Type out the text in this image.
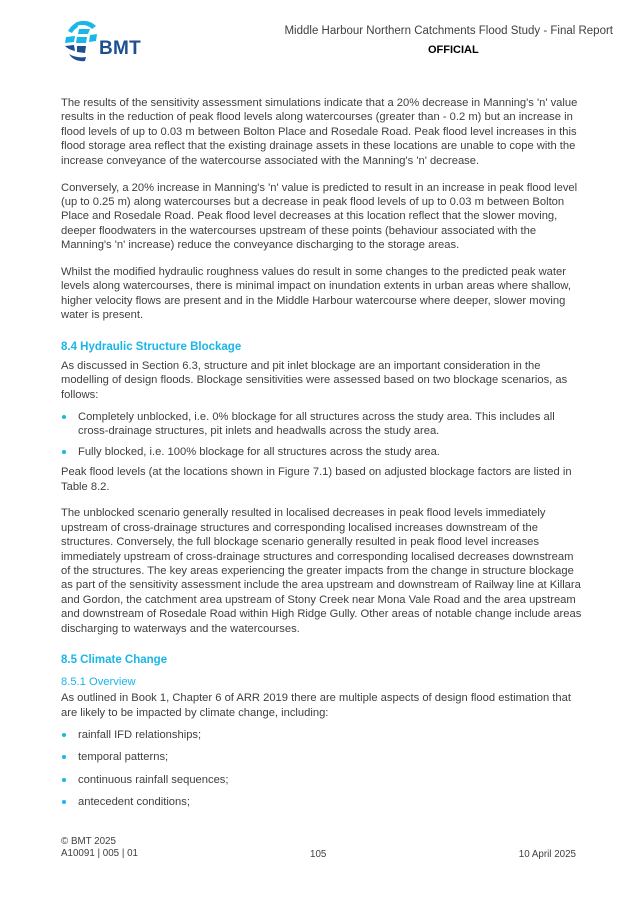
BMT
Middle Harbour Northern Catchments Flood Study - Final Report
OFFICIAL

The results of the sensitivity assessment simulations indicate that a 20% decrease in Manning's 'n' value results in the reduction of peak flood levels along watercourses (greater than - 0.2 m) but an increase in flood levels of up to 0.03 m between Bolton Place and Rosedale Road. Peak flood level increases in this flood storage area reflect that the existing drainage assets in these locations are unable to cope with the increase conveyance of the watercourse associated with the Manning's 'n' decrease.

Conversely, a 20% increase in Manning's 'n' value is predicted to result in an increase in peak flood level (up to 0.25 m) along watercourses but a decrease in peak flood levels of up to 0.03 m between Bolton Place and Rosedale Road. Peak flood level decreases at this location reflect that the slower moving, deeper floodwaters in the watercourses upstream of these points (behaviour associated with the Manning's 'n' increase) reduce the conveyance discharging to the storage areas.

Whilst the modified hydraulic roughness values do result in some changes to the predicted peak water levels along watercourses, there is minimal impact on inundation extents in urban areas where shallow, higher velocity flows are present and in the Middle Harbour watercourse where deeper, slower moving water is present.

8.4 Hydraulic Structure Blockage

As discussed in Section 6.3, structure and pit inlet blockage are an important consideration in the modelling of design floods. Blockage sensitivities were assessed based on two blockage scenarios, as follows:

Completely unblocked, i.e. 0% blockage for all structures across the study area. This includes all cross-drainage structures, pit inlets and headwalls across the study area.
Fully blocked, i.e. 100% blockage for all structures across the study area.

Peak flood levels (at the locations shown in Figure 7.1) based on adjusted blockage factors are listed in Table 8.2.

The unblocked scenario generally resulted in localised decreases in peak flood levels immediately upstream of cross-drainage structures and corresponding localised increases downstream of the structures. Conversely, the full blockage scenario generally resulted in peak flood level increases immediately upstream of cross-drainage structures and corresponding localised decreases downstream of the structures. The key areas experiencing the greater impacts from the change in structure blockage as part of the sensitivity assessment include the area upstream and downstream of Railway line at Killara and Gordon, the catchment area upstream of Stony Creek near Mona Vale Road and the area upstream and downstream of Rosedale Road within High Ridge Gully. Other areas of notable change include areas discharging to waterways and the watercourses.

8.5 Climate Change
8.5.1 Overview

As outlined in Book 1, Chapter 6 of ARR 2019 there are multiple aspects of design flood estimation that are likely to be impacted by climate change, including:

rainfall IFD relationships;
temporal patterns;
continuous rainfall sequences;
antecedent conditions;
© BMT 2025
A10091 | 005 | 01	105	10 April 2025
